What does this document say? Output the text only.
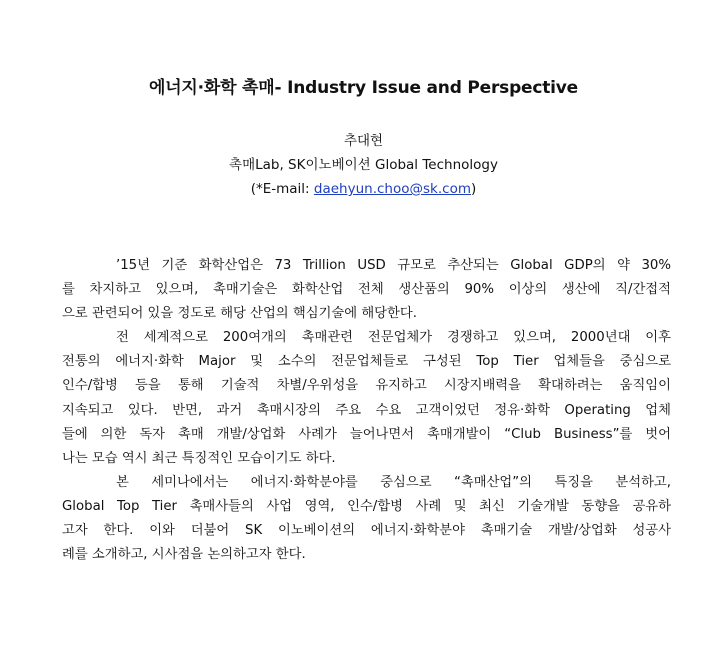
에너지·화학 촉매- Industry Issue and Perspective
추대현
촉매Lab, SK이노베이션 Global Technology
(*E-mail: daehyun.choo@sk.com)
’15년 기준 화학산업은 73 Trillion USD 규모로 추산되는 Global GDP의 약 30%
를 차지하고 있으며, 촉매기술은 화학산업 전체 생산품의 90% 이상의 생산에 직/간접적
으로 관련되어 있을 정도로 해당 산업의 핵심기술에 해당한다.
전 세계적으로 200여개의 촉매관련 전문업체가 경쟁하고 있으며, 2000년대 이후
전통의 에너지·화학 Major 및 소수의 전문업체들로 구성된 Top Tier 업체들을 중심으로
인수/합병 등을 통해 기술적 차별/우위성을 유지하고 시장지배력을 확대하려는 움직임이
지속되고 있다. 반면, 과거 촉매시장의 주요 수요 고객이었던 정유·화학 Operating 업체
들에 의한 독자 촉매 개발/상업화 사례가 늘어나면서 촉매개발이 “Club Business”를 벗어
나는 모습 역시 최근 특징적인 모습이기도 하다.
본 세미나에서는 에너지·화학분야를 중심으로 “촉매산업”의 특징을 분석하고,
Global Top Tier 촉매사들의 사업 영역, 인수/합병 사례 및 최신 기술개발 동향을 공유하
고자 한다. 이와 더불어 SK 이노베이션의 에너지·화학분야 촉매기술 개발/상업화 성공사
례를 소개하고, 시사점을 논의하고자 한다.
